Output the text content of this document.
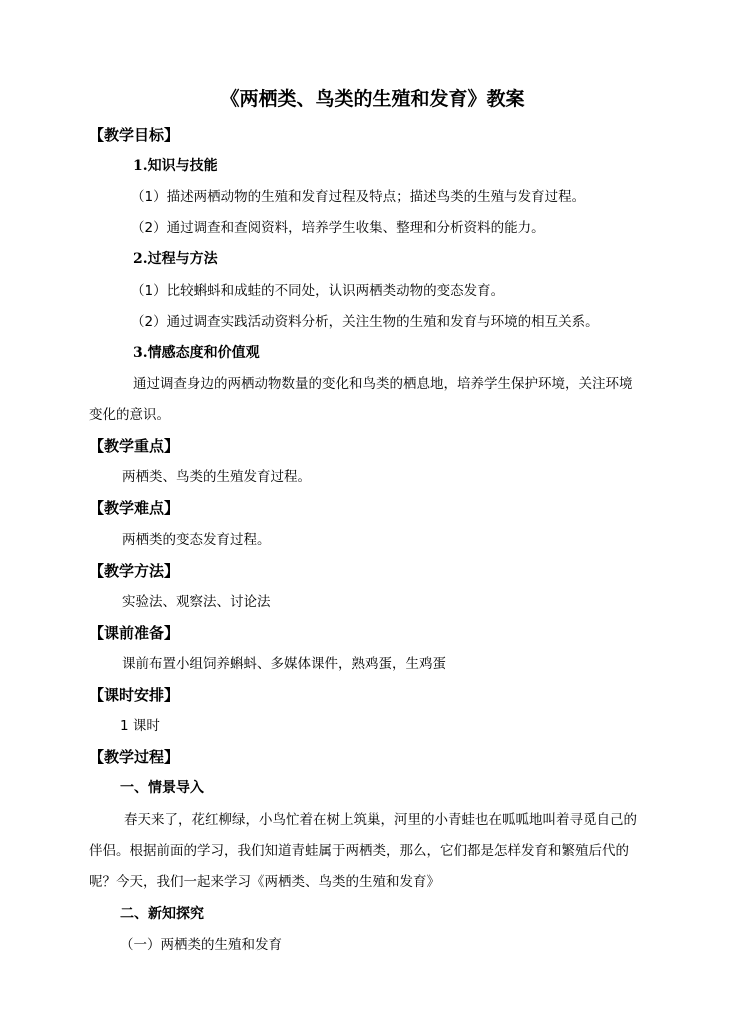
《两栖类、鸟类的生殖和发育》教案
【教学目标】
1.知识与技能
（1）描述两栖动物的生殖和发育过程及特点；描述鸟类的生殖与发育过程。
（2）通过调查和查阅资料，培养学生收集、整理和分析资料的能力。
2.过程与方法
（1）比较蝌蚪和成蛙的不同处，认识两栖类动物的变态发育。
（2）通过调查实践活动资料分析，关注生物的生殖和发育与环境的相互关系。
3.情感态度和价值观
通过调查身边的两栖动物数量的变化和鸟类的栖息地，培养学生保护环境，关注环境
变化的意识。
【教学重点】
两栖类、鸟类的生殖发育过程。
【教学难点】
两栖类的变态发育过程。
【教学方法】
实验法、观察法、讨论法
【课前准备】
课前布置小组饲养蝌蚪、多媒体课件，熟鸡蛋，生鸡蛋
【课时安排】
1 课时
【教学过程】
一、情景导入
春天来了，花红柳绿，小鸟忙着在树上筑巢，河里的小青蛙也在呱呱地叫着寻觅自己的
伴侣。根据前面的学习，我们知道青蛙属于两栖类，那么，它们都是怎样发育和繁殖后代的
呢？今天，我们一起来学习《两栖类、鸟类的生殖和发育》
二、新知探究
（一）两栖类的生殖和发育
